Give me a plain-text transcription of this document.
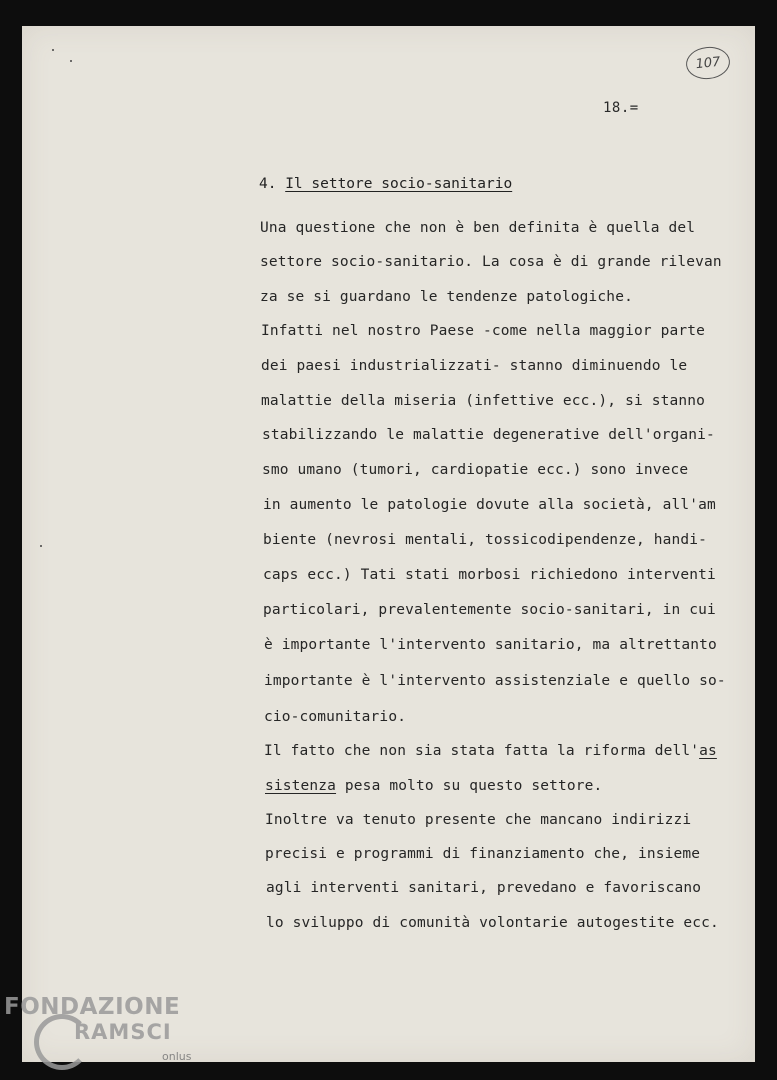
107
18.=
4. Il settore socio-sanitario
Una questione che non è ben definita è quella del
settore socio-sanitario. La cosa è di grande rilevan
za se si guardano le tendenze patologiche.
Infatti nel nostro Paese -come nella maggior parte
dei paesi industrializzati- stanno diminuendo le
malattie della miseria (infettive ecc.), si stanno
stabilizzando le malattie degenerative dell'organi-
smo umano (tumori, cardiopatie ecc.) sono invece
in aumento le patologie dovute alla società, all'am
biente (nevrosi mentali, tossicodipendenze, handi-
caps ecc.) Tati stati morbosi richiedono interventi
particolari, prevalentemente socio-sanitari, in cui
è importante l'intervento sanitario, ma altrettanto
importante è l'intervento assistenziale e quello so-
cio-comunitario.
Il fatto che non sia stata fatta la riforma dell'as
sistenza pesa molto su questo settore.
Inoltre va tenuto presente che mancano indirizzi
precisi e programmi di finanziamento che, insieme
agli interventi sanitari, prevedano e favoriscano
lo sviluppo di comunità volontarie autogestite ecc.
FONDAZIONE
RAMSCI
onlus
